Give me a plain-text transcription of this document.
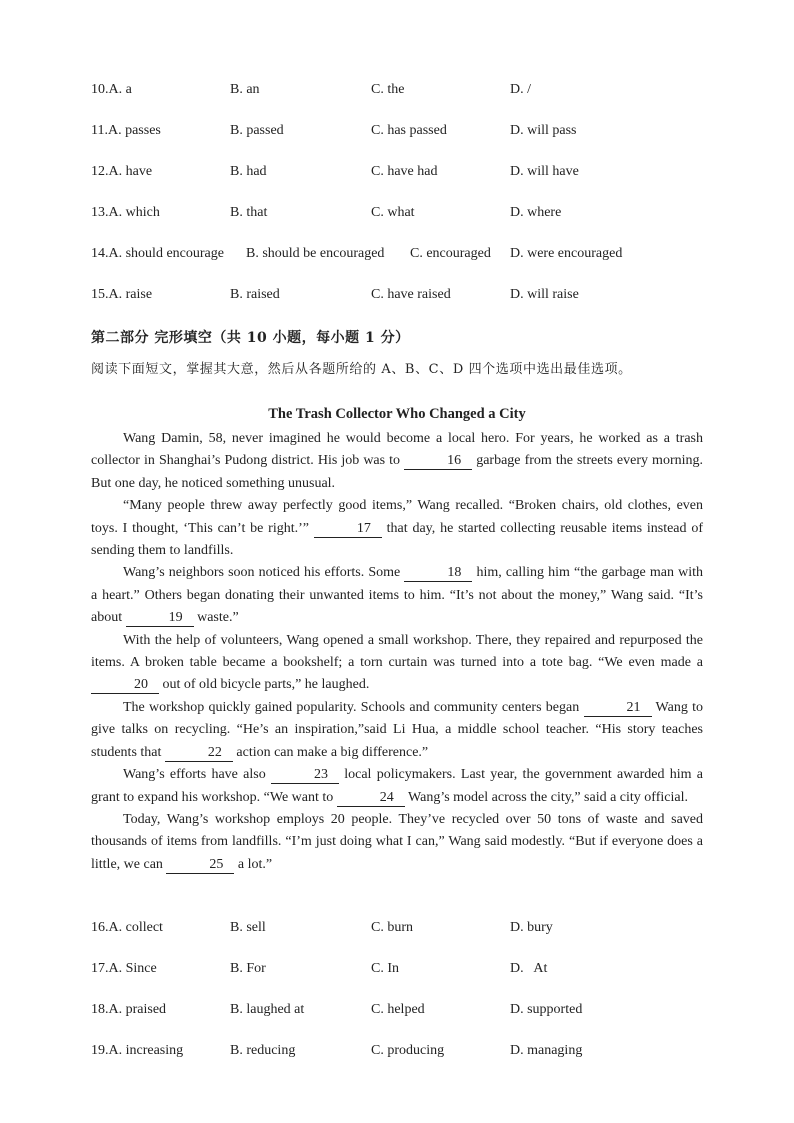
10.A. a	B. an	C. the	D. /
11.A. passes	B. passed	C. has passed	D. will pass
12.A. have	B. had	C. have had	D. will have
13.A. which	B. that	C. what	D. where
14.A. should encourage B. should be encouraged C. encouraged D. were encouraged
15.A. raise	B. raised	C. have raised	D. will raise
第二部分 完形填空（共 10 小题，每小题 1 分）
阅读下面短文，掌握其大意，然后从各题所给的 A、B、C、D 四个选项中选出最佳选项。
The Trash Collector Who Changed a City

Wang Damin, 58, never imagined he would become a local hero. For years, he worked as a trash collector in Shanghai’s Pudong district. His job was to	16 garbage from the streets every morning. But one day, he noticed something unusual.

“Many people threw away perfectly good items,” Wang recalled. “Broken chairs, old clothes, even toys. I thought, ‘This can’t be right.’”	17 that day, he started collecting reusable items instead of sending them to landfills.

Wang’s neighbors soon noticed his efforts. Some	18 him, calling him “the garbage man with a heart.” Others began donating their unwanted items to him. “It’s not about the money,” Wang said. “It’s about	19 waste.”

With the help of volunteers, Wang opened a small workshop. There, they repaired and repurposed the items. A broken table became a bookshelf; a torn curtain was turned into a tote bag. “We even made a 20 out of old bicycle parts,” he laughed.

The workshop quickly gained popularity. Schools and community centers began	21 Wang to give talks on recycling. “He’s an inspiration,”said Li Hua, a middle school teacher. “His story teaches students that	22 action can make a big difference.”

Wang’s efforts have also	23 local policymakers. Last year, the government awarded him a grant to expand his workshop. “We want to	24 Wang’s model across the city,” said a city official.

Today, Wang’s workshop employs 20 people. They’ve recycled over 50 tons of waste and saved thousands of items from landfills. “I’m just doing what I can,” Wang said modestly. “But if everyone does a little, we can	25 a lot.”

16.A. collect	B. sell	C. burn	D. bury
17.A. Since	B. For	C. In	D.   At
18.A. praised	B. laughed at	C. helped	D. supported
19.A. increasing	B. reducing	C. producing	D. managing
